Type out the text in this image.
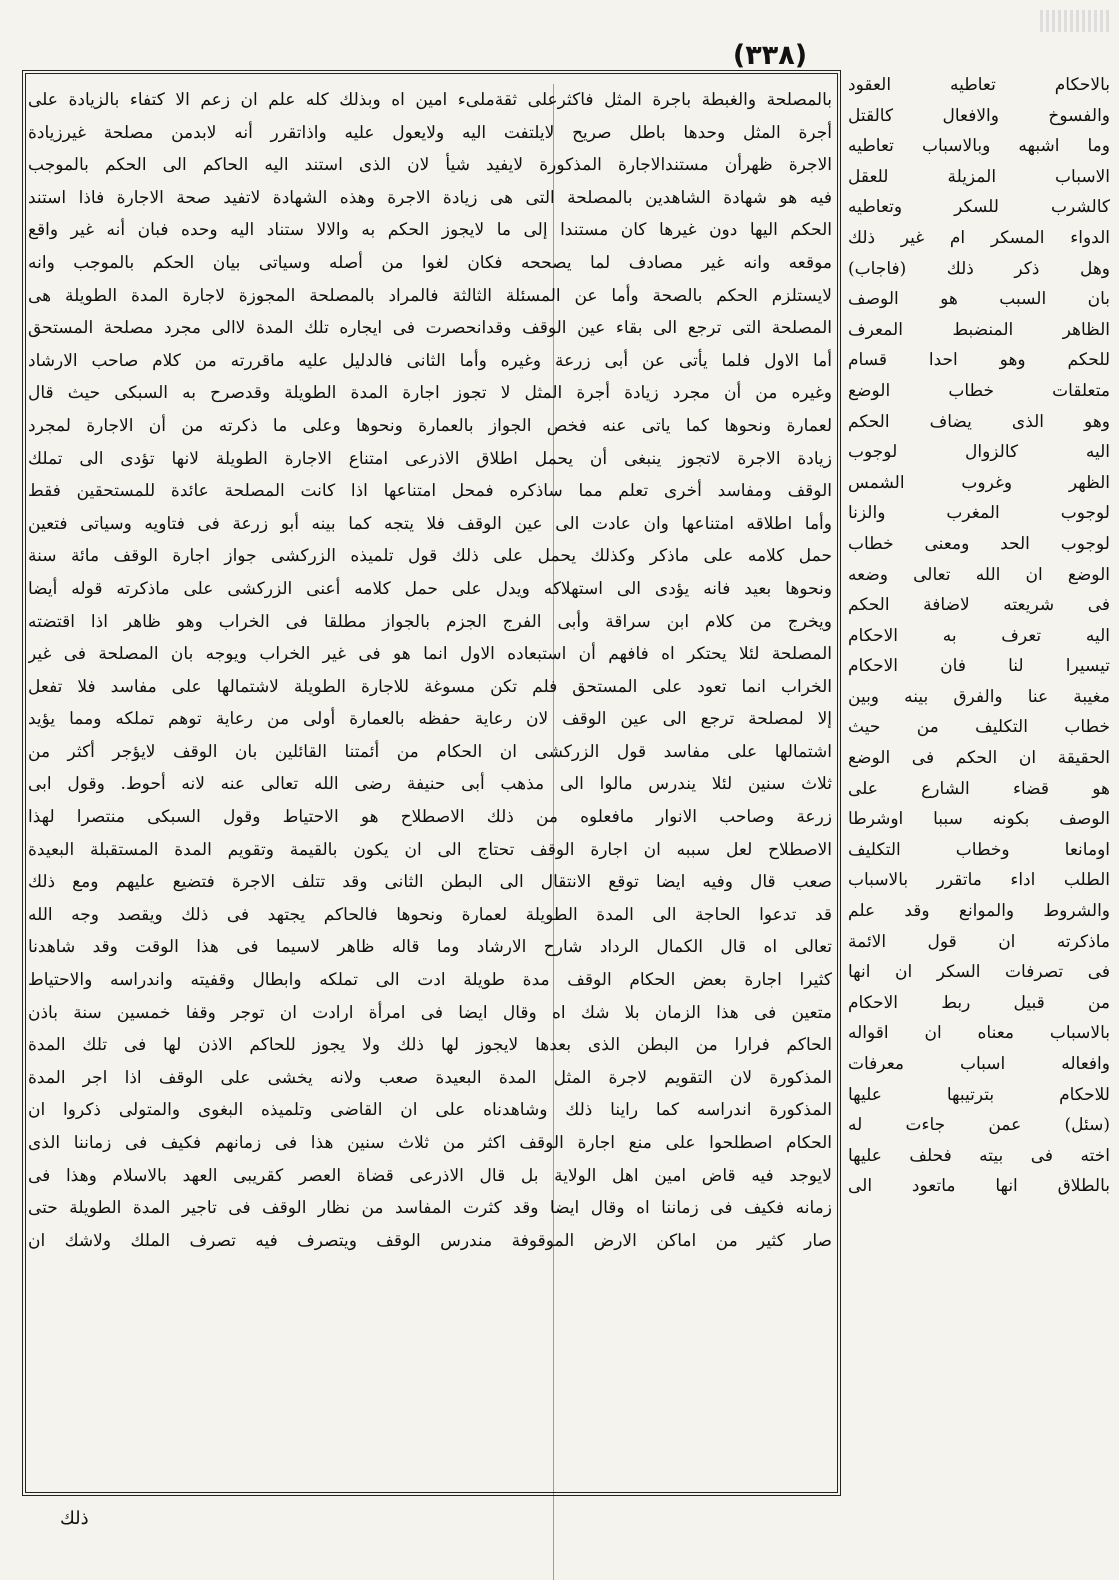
(٣٣٨)
بالمصلحة والغبطة باجرة المثل فاكثرعلى ثقةملىء امين اه وبذلك كله علم ان زعم الا كتفاء بالزيادة على
أجرة المثل وحدها باطل صريح لايلتفت اليه ولايعول عليه واذاتقرر أنه لابدمن مصلحة غيرزيادة
الاجرة ظهرأن مستندالاجارة المذكورة لايفيد شيأ لان الذى استند اليه الحاكم الى الحكم بالموجب
فيه هو شهادة الشاهدين بالمصلحة التى هى زيادة الاجرة وهذه الشهادة لاتفيد صحة الاجارة فاذا استند
الحكم اليها دون غيرها كان مستندا إلى ما لايجوز الحكم به والالا ستناد اليه وحده فبان أنه غير واقع
موقعه وانه غير مصادف لما يصححه فكان لغوا من أصله وسياتى بيان الحكم بالموجب وانه
لايستلزم الحكم بالصحة وأما عن المسئلة الثالثة فالمراد بالمصلحة المجوزة لاجارة المدة الطويلة هى
المصلحة التى ترجع الى بقاء عين الوقف وقدانحصرت فى ايجاره تلك المدة لاالى مجرد مصلحة المستحق
أما الاول فلما يأتى عن أبى زرعة وغيره وأما الثانى فالدليل عليه ماقررته من كلام صاحب الارشاد
وغيره من أن مجرد زيادة أجرة المثل لا تجوز اجارة المدة الطويلة وقدصرح به السبكى حيث قال
لعمارة ونحوها كما ياتى عنه فخص الجواز بالعمارة ونحوها وعلى ما ذكرته من أن الاجارة لمجرد
زيادة الاجرة لاتجوز ينبغى أن يحمل اطلاق الاذرعى امتناع الاجارة الطويلة لانها تؤدى الى تملك
الوقف ومفاسد أخرى تعلم مما ساذكره فمحل امتناعها اذا كانت المصلحة عائدة للمستحقين فقط
وأما اطلاقه امتناعها وان عادت الى عين الوقف فلا يتجه كما بينه أبو زرعة فى فتاويه وسياتى فتعين
حمل كلامه على ماذكر وكذلك يحمل على ذلك قول تلميذه الزركشى جواز اجارة الوقف مائة سنة
ونحوها بعيد فانه يؤدى الى استهلاكه ويدل على حمل كلامه أعنى الزركشى على ماذكرته قوله أيضا
ويخرج من كلام ابن سراقة وأبى الفرج الجزم بالجواز مطلقا فى الخراب وهو ظاهر اذا اقتضته
المصلحة لئلا يحتكر اه فافهم أن استبعاده الاول انما هو فى غير الخراب ويوجه بان المصلحة فى غير
الخراب انما تعود على المستحق فلم تكن مسوغة للاجارة الطويلة لاشتمالها على مفاسد فلا تفعل
إلا لمصلحة ترجع الى عين الوقف لان رعاية حفظه بالعمارة أولى من رعاية توهم تملكه ومما يؤيد
اشتمالها على مفاسد قول الزركشى ان الحكام من أئمتنا القائلين بان الوقف لايؤجر أكثر من
ثلاث سنين لئلا يندرس مالوا الى مذهب أبى حنيفة رضى الله تعالى عنه لانه أحوط. وقول ابى
زرعة وصاحب الانوار مافعلوه من ذلك الاصطلاح هو الاحتياط وقول السبكى منتصرا لهذا
الاصطلاح لعل سببه ان اجارة الوقف تحتاج الى ان يكون بالقيمة وتقويم المدة المستقبلة البعيدة
صعب قال وفيه ايضا توقع الانتقال الى البطن الثانى وقد تتلف الاجرة فتضيع عليهم ومع ذلك
قد تدعوا الحاجة الى المدة الطويلة لعمارة ونحوها فالحاكم يجتهد فى ذلك ويقصد وجه الله
تعالى اه قال الكمال الرداد شارح الارشاد وما قاله ظاهر لاسيما فى هذا الوقت وقد شاهدنا
كثيرا اجارة بعض الحكام الوقف مدة طويلة ادت الى تملكه وابطال وقفيته واندراسه والاحتياط
متعين فى هذا الزمان بلا شك اه وقال ايضا فى امرأة ارادت ان توجر وقفا خمسين سنة باذن
الحاكم فرارا من البطن الذى بعدها لايجوز لها ذلك ولا يجوز للحاكم الاذن لها فى تلك المدة
المذكورة لان التقويم لاجرة المثل المدة البعيدة صعب ولانه يخشى على الوقف اذا اجر المدة
المذكورة اندراسه كما راينا ذلك وشاهدناه على ان القاضى وتلميذه البغوى والمتولى ذكروا ان
الحكام اصطلحوا على منع اجارة الوقف اكثر من ثلاث سنين هذا فى زمانهم فكيف فى زماننا الذى
لايوجد فيه قاض امين اهل الولاية بل قال الاذرعى قضاة العصر كقريبى العهد بالاسلام وهذا فى
زمانه فكيف فى زماننا اه وقال ايضا وقد كثرت المفاسد من نظار الوقف فى تاجير المدة الطويلة حتى
صار كثير من اماكن الارض الموقوفة مندرس الوقف ويتصرف فيه تصرف الملك ولاشك ان
بالاحكام تعاطيه العقود
والفسوخ والافعال كالقتل
وما اشبهه وبالاسباب تعاطيه
الاسباب المزيلة للعقل
كالشرب للسكر وتعاطيه
الدواء المسكر ام غير ذلك
وهل ذكر ذلك (فاجاب)
بان السبب هو الوصف
الظاهر المنضبط المعرف
للحكم وهو احدا قسام
متعلقات خطاب الوضع
وهو الذى يضاف الحكم
اليه كالزوال لوجوب
الظهر وغروب الشمس
لوجوب المغرب والزنا
لوجوب الحد ومعنى خطاب
الوضع ان الله تعالى وضعه
فى شريعته لاضافة الحكم
اليه تعرف به الاحكام
تيسيرا لنا فان الاحكام
مغيبة عنا والفرق بينه وبين
خطاب التكليف من حيث
الحقيقة ان الحكم فى الوضع
هو قضاء الشارع على
الوصف بكونه سببا اوشرطا
اومانعا وخطاب التكليف
الطلب اداء ماتقرر بالاسباب
والشروط والموانع وقد علم
ماذكرته ان قول الائمة
فى تصرفات السكر ان انها
من قبيل ربط الاحكام
بالاسباب معناه ان اقواله
وافعاله اسباب معرفات
للاحكام بترتيبها عليها
(سئل) عمن جاءت له
اخته فى بيته فحلف عليها
بالطلاق انها ماتعود الى
ذلك
